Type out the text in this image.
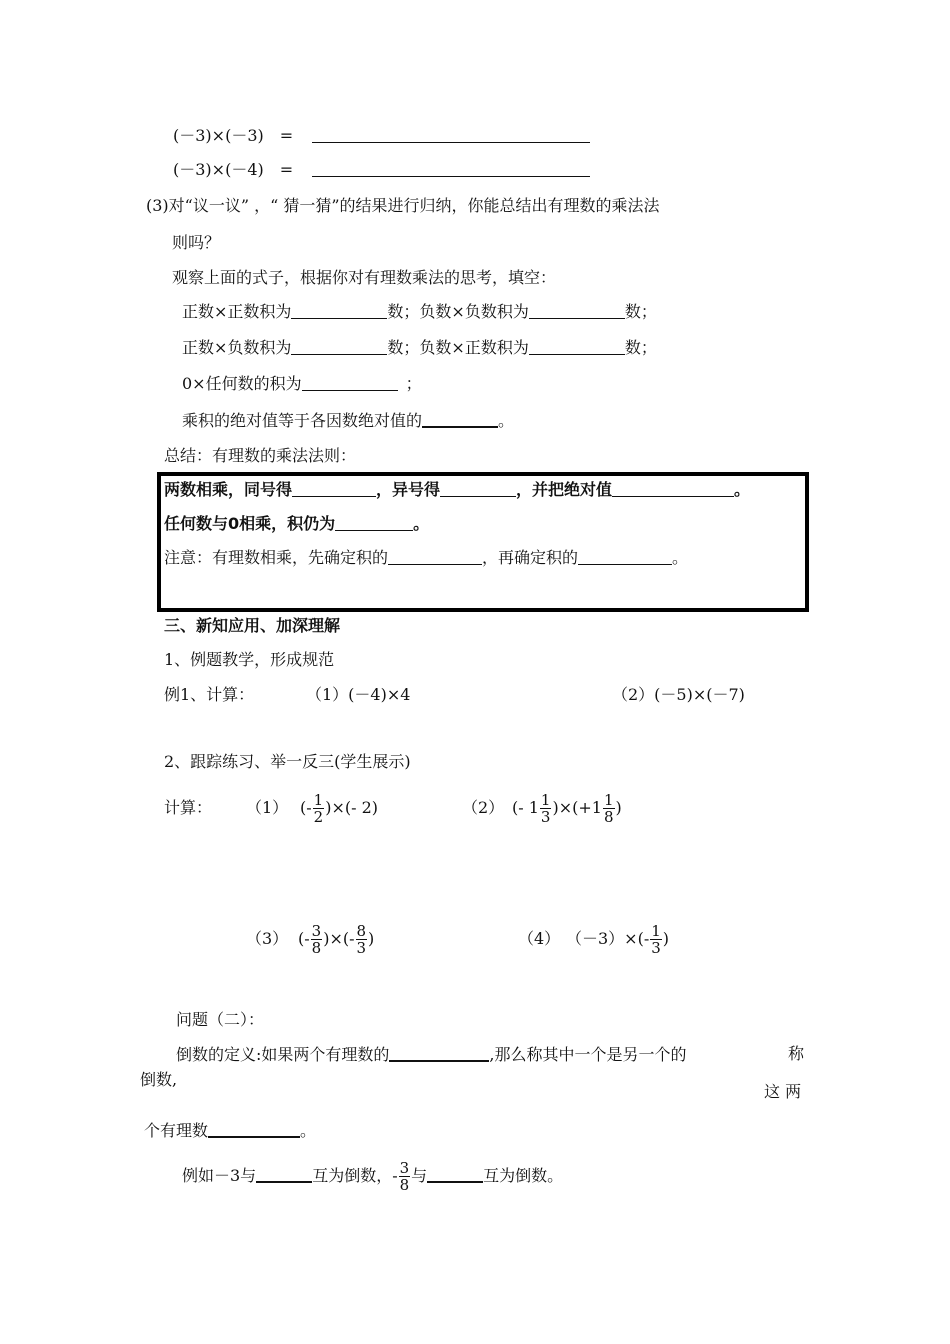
(－3)×(－3)　=
(－3)×(－4)　=
(3)对“议一议” ，“ 猜一猜”的结果进行归纳，你能总结出有理数的乘法法
则吗？
观察上面的式子，根据你对有理数乘法的思考，填空：
正数×正数积为	数；负数×负数积为	数；
正数×负数积为	数；负数×正数积为	数；
0×任何数的积为	；
乘积的绝对值等于各因数绝对值的	。
总结：有理数的乘法法则：
两数相乘，同号得	，异号得	，并把绝对值	。
任何数与0相乘，积仍为	。
注意：有理数相乘，先确定积的	，再确定积的	。
三、新知应用、加深理解
1、例题教学，形成规范
例1、计算：	（1）(－4)×4	（2）(－5)×(－7)
2、跟踪练习、举一反三(学生展示)
计算： （1） (- $\frac{1}{2}$ )×(- 2)	（2） (- $1 \frac{1}{3} )\times(+1 \frac{1}{8}$ )
（3） (- $\frac{3}{8}$ )×(- $\frac{8}{3}$ )	（4） $(-3)\times(- \frac{1}{3}$ )
问题（二）：
倒数的定义:如果两个有理数的	,那么称其中一个是另一个的	称
倒数,
这 两
个有理数	。
例如－3与	互为倒数，- $\frac{3}{8}$ 与	互为倒数。
